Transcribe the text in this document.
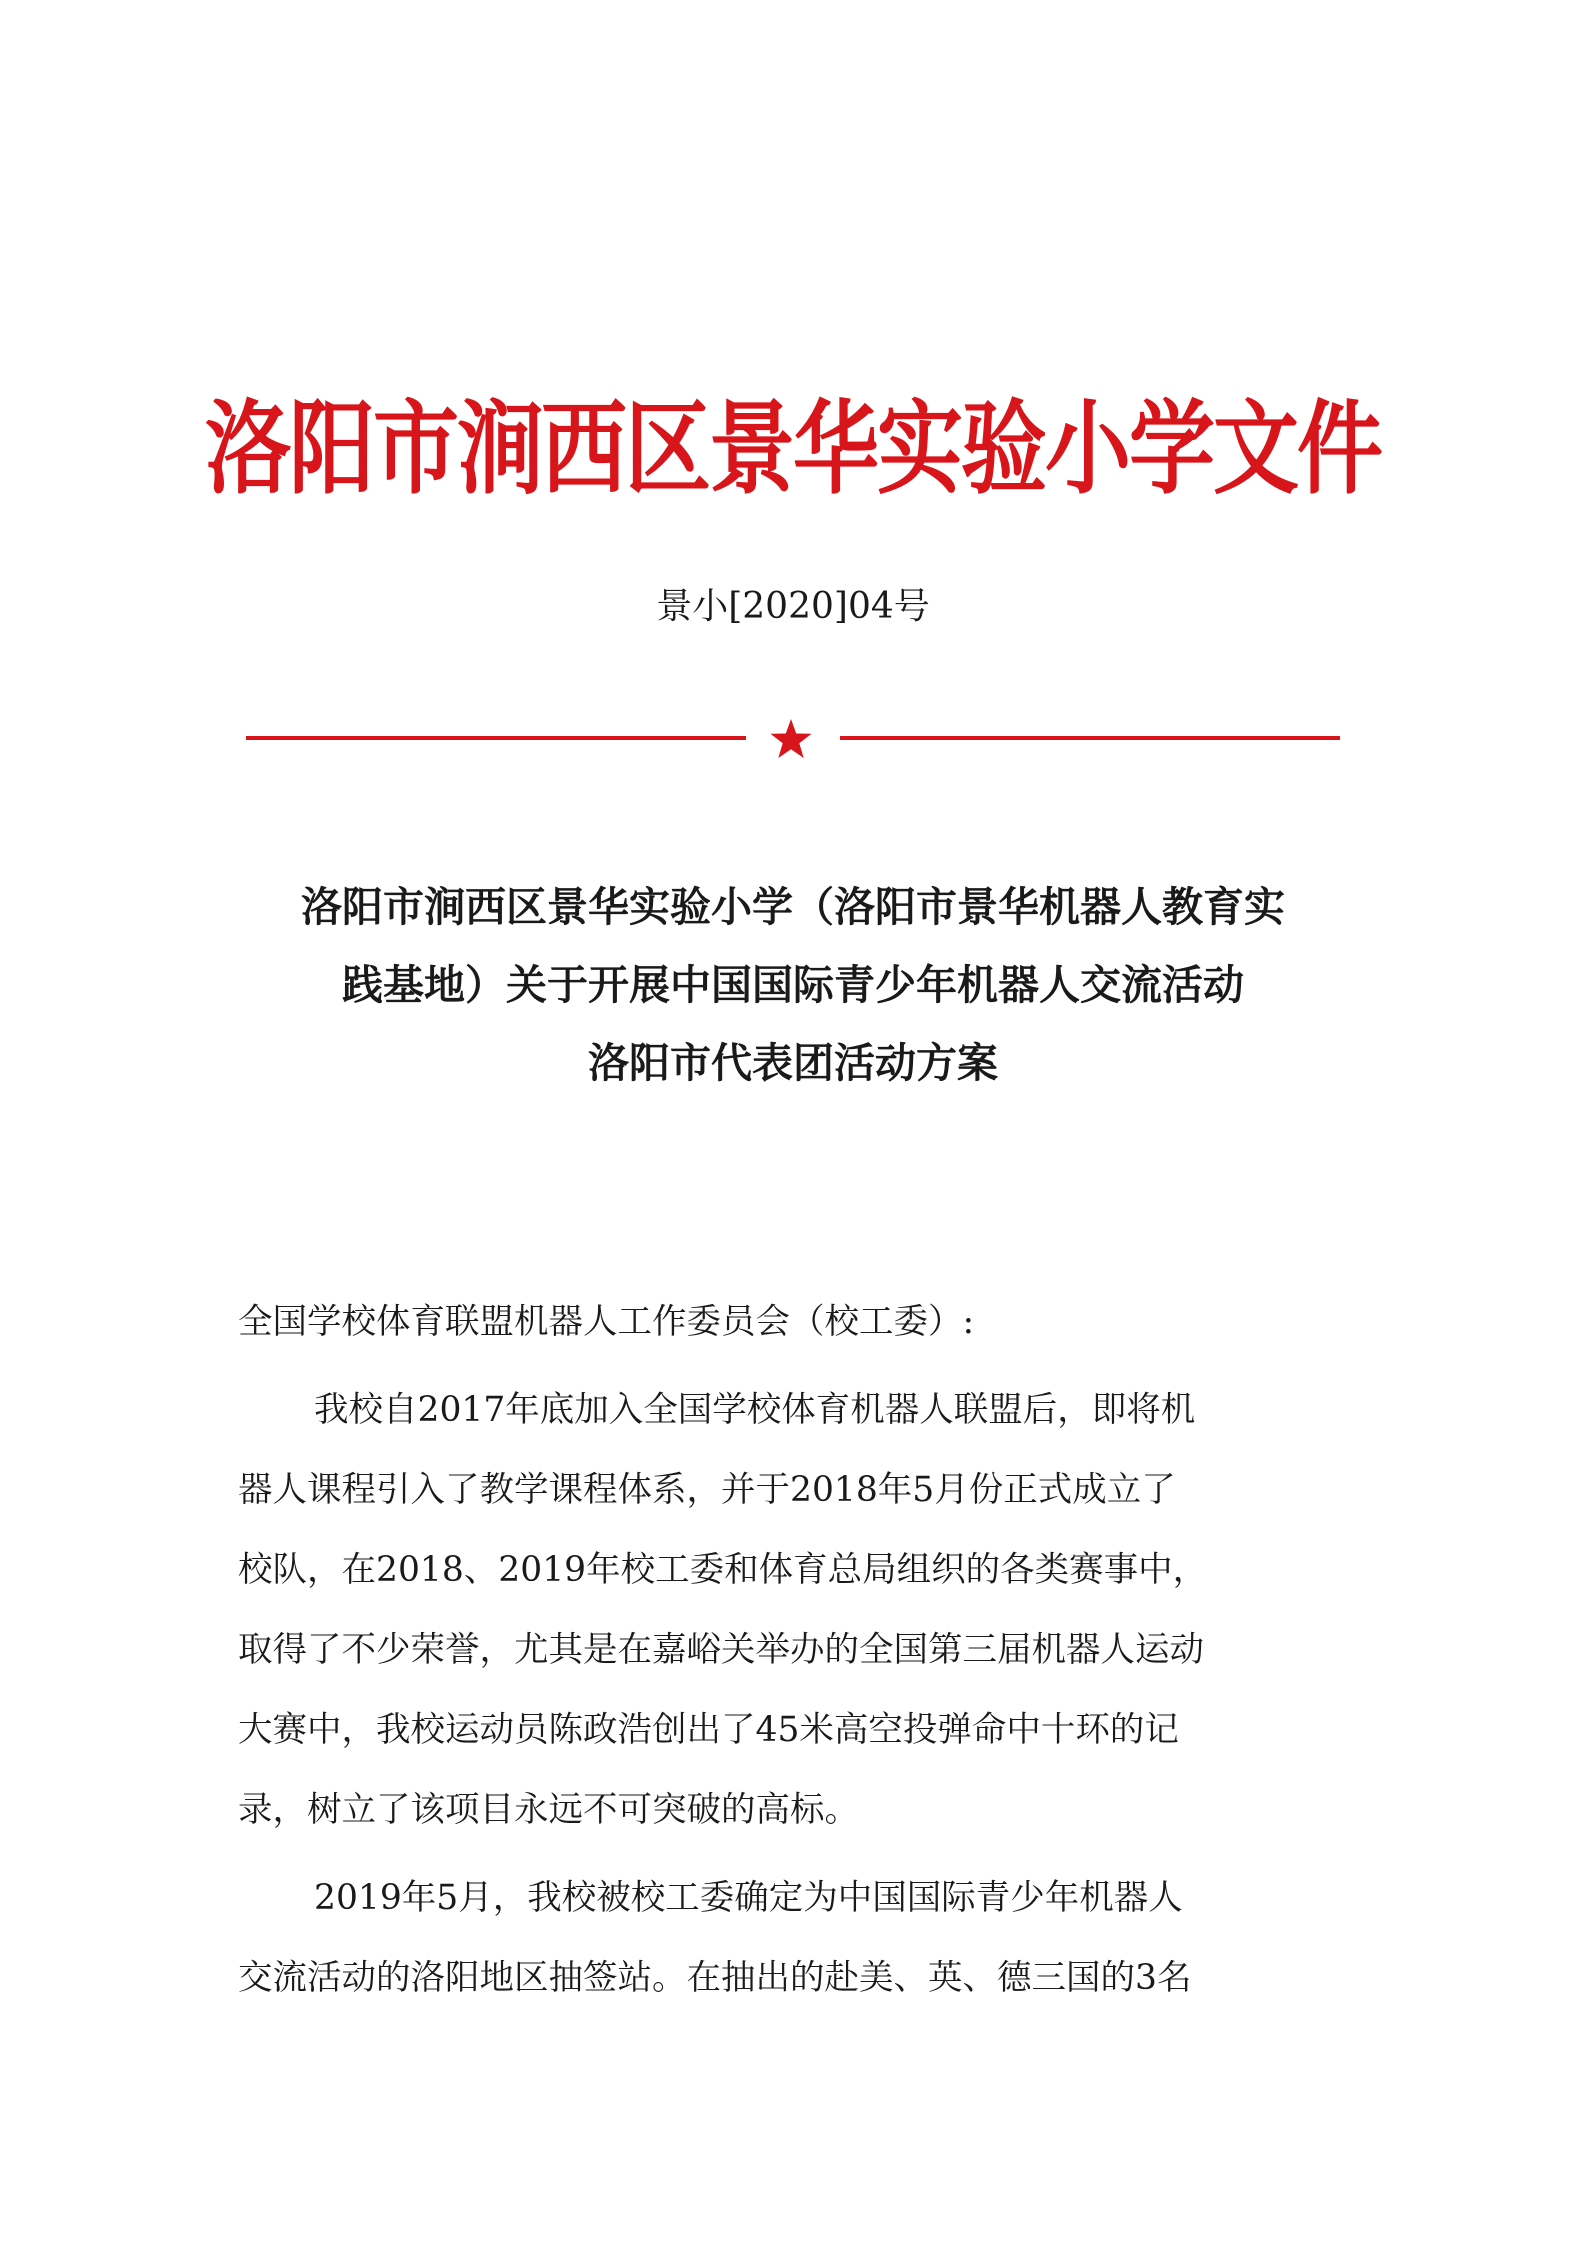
洛阳市涧西区景华实验小学文件
景小[2020]04号
洛阳市涧西区景华实验小学（洛阳市景华机器人教育实
践基地）关于开展中国国际青少年机器人交流活动
洛阳市代表团活动方案
全国学校体育联盟机器人工作委员会（校工委）:
我校自2017年底加入全国学校体育机器人联盟后，即将机
器人课程引入了教学课程体系，并于2018年5月份正式成立了
校队，在2018、2019年校工委和体育总局组织的各类赛事中，
取得了不少荣誉，尤其是在嘉峪关举办的全国第三届机器人运动
大赛中，我校运动员陈政浩创出了45米高空投弹命中十环的记
录，树立了该项目永远不可突破的高标。
2019年5月，我校被校工委确定为中国国际青少年机器人
交流活动的洛阳地区抽签站。在抽出的赴美、英、德三国的3名
